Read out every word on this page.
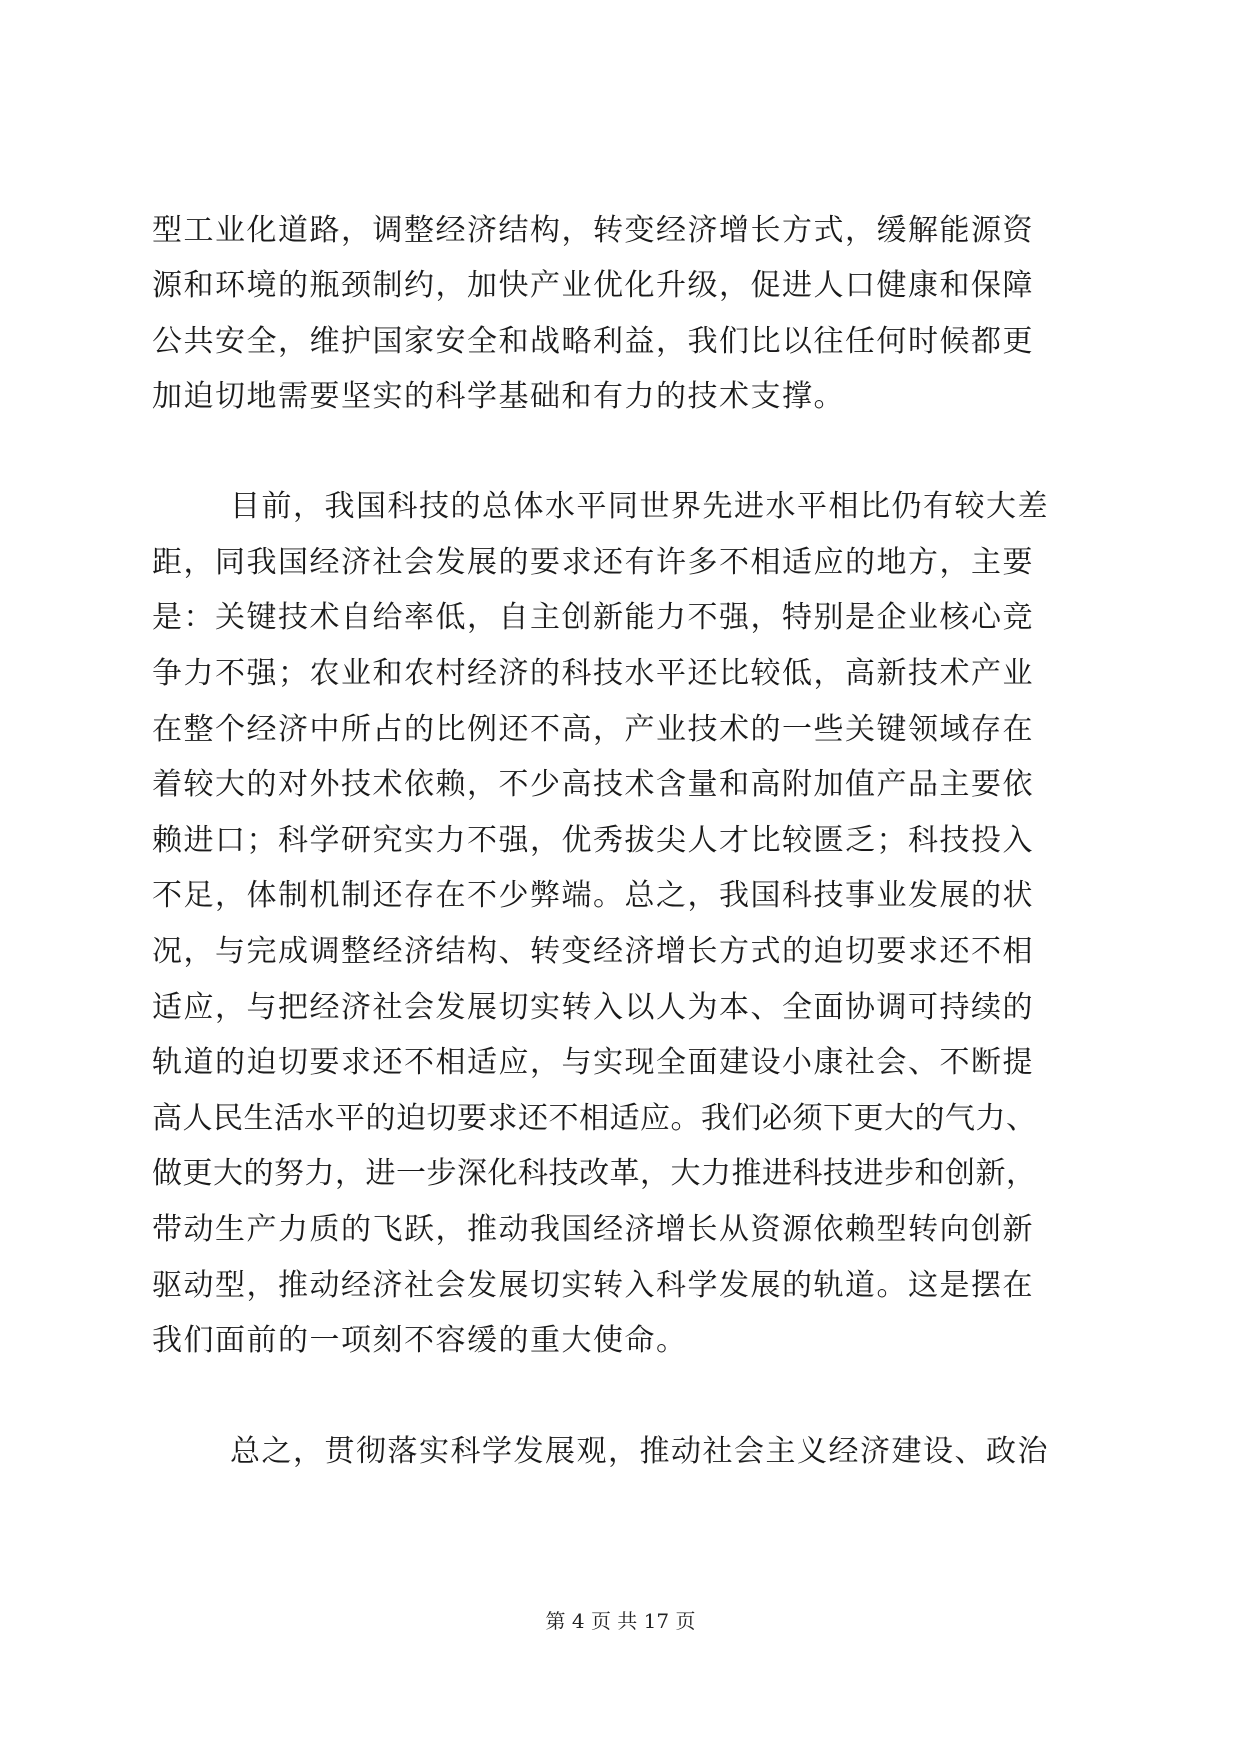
型工业化道路，调整经济结构，转变经济增长方式，缓解能源资
源和环境的瓶颈制约，加快产业优化升级，促进人口健康和保障
公共安全，维护国家安全和战略利益，我们比以往任何时候都更
加迫切地需要坚实的科学基础和有力的技术支撑。
目前，我国科技的总体水平同世界先进水平相比仍有较大差
距，同我国经济社会发展的要求还有许多不相适应的地方，主要
是：关键技术自给率低，自主创新能力不强，特别是企业核心竞
争力不强；农业和农村经济的科技水平还比较低，高新技术产业
在整个经济中所占的比例还不高，产业技术的一些关键领域存在
着较大的对外技术依赖，不少高技术含量和高附加值产品主要依
赖进口；科学研究实力不强，优秀拔尖人才比较匮乏；科技投入
不足，体制机制还存在不少弊端。总之，我国科技事业发展的状
况，与完成调整经济结构、转变经济增长方式的迫切要求还不相
适应，与把经济社会发展切实转入以人为本、全面协调可持续的
轨道的迫切要求还不相适应，与实现全面建设小康社会、不断提
高人民生活水平的迫切要求还不相适应。我们必须下更大的气力、
做更大的努力，进一步深化科技改革，大力推进科技进步和创新，
带动生产力质的飞跃，推动我国经济增长从资源依赖型转向创新
驱动型，推动经济社会发展切实转入科学发展的轨道。这是摆在
我们面前的一项刻不容缓的重大使命。
总之，贯彻落实科学发展观，推动社会主义经济建设、政治
第 4 页 共 17 页
